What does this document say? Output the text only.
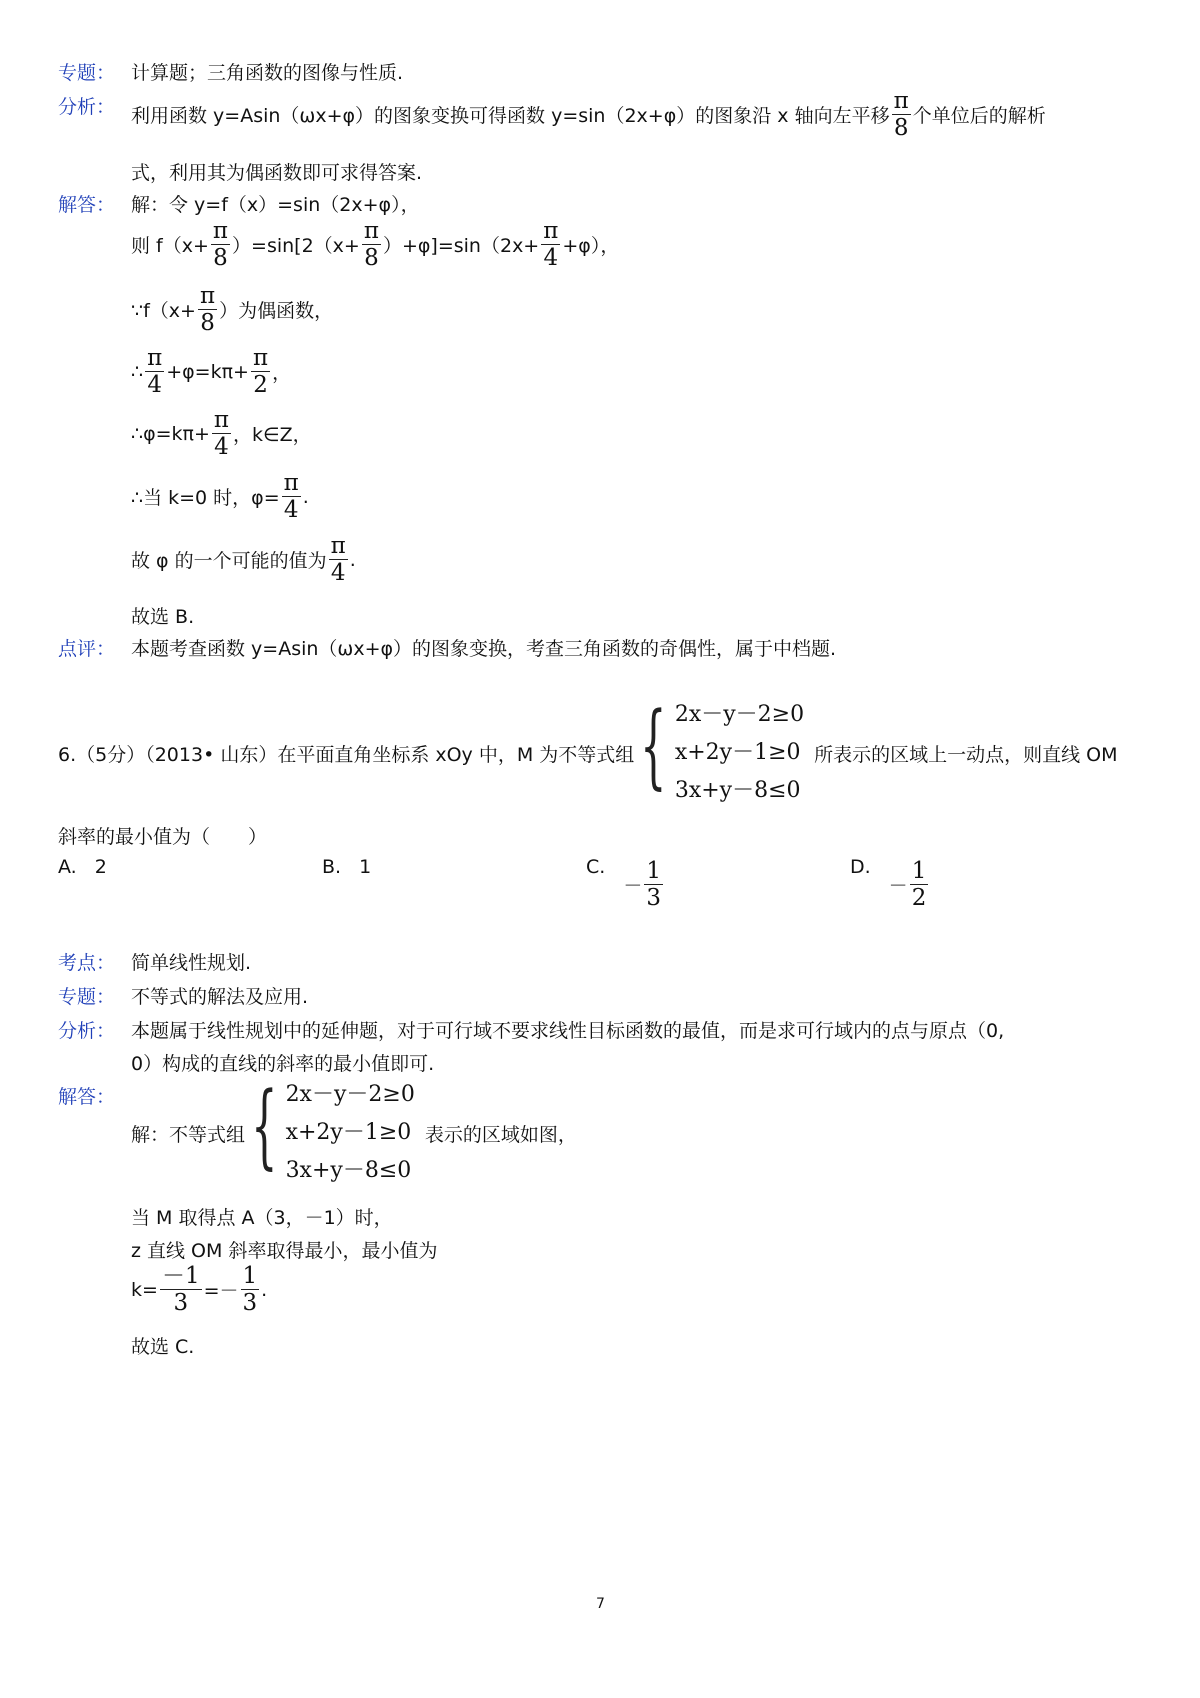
专题： 计算题；三角函数的图像与性质.
分析： 利用函数 y=Asin（ωx+φ）的图象变换可得函数 y=sin（2x+φ）的图象沿 x 轴向左平移 $\frac{\pi}{8}$ 个单位后的解析
式，利用其为偶函数即可求得答案.
解答： 解：令 y=f（x）=sin（2x+φ），
则 $f(x+ \frac{\pi}{8} )=\sin[2(x+ \frac{\pi}{8} )+\varphi]=\sin(2x+ \frac{\pi}{4} +\varphi)$，
∵f（x+ $\frac{\pi}{8}$ ）为偶函数，
∴ $\frac{\pi}{4} +\varphi=k\pi+ \frac{\pi}{2}$ ，
∴φ=kπ+ $\frac{\pi}{4}$ ，k∈Z，
∴当 k=0 时，$\varphi= \frac{\pi}{4}$ .
故 φ 的一个可能的值为 $\frac{\pi}{4}$ .
故选 B.
点评： 本题考查函数 y=Asin（ωx+φ）的图象变换，考查三角函数的奇偶性，属于中档题.
6.（5分）（2013• 山东）在平面直角坐标系 xOy 中，M 为不等式组 { 2x－y－2≥0
x+2y－1≥0
3x+y－8≤0
所表示的区域上一动点，则直线 OM
斜率的最小值为（　　）
A. 2	B. 1	C.
－ $\frac{1}{3}$	D.
－ $\frac{1}{2}$
考点： 简单线性规划.
专题： 不等式的解法及应用.
分析： 本题属于线性规划中的延伸题，对于可行域不要求线性目标函数的最值，而是求可行域内的点与原点（0,
0）构成的直线的斜率的最小值即可.
解答：
解：不等式组 { 2x－y－2≥0
x+2y－1≥0
3x+y－8≤0
表示的区域如图，
当 M 取得点 A（3，－1）时，
z 直线 OM 斜率取得最小，最小值为
$k= \frac{-1}{3} =- \frac{1}{3}$ .
故选 C.
7
